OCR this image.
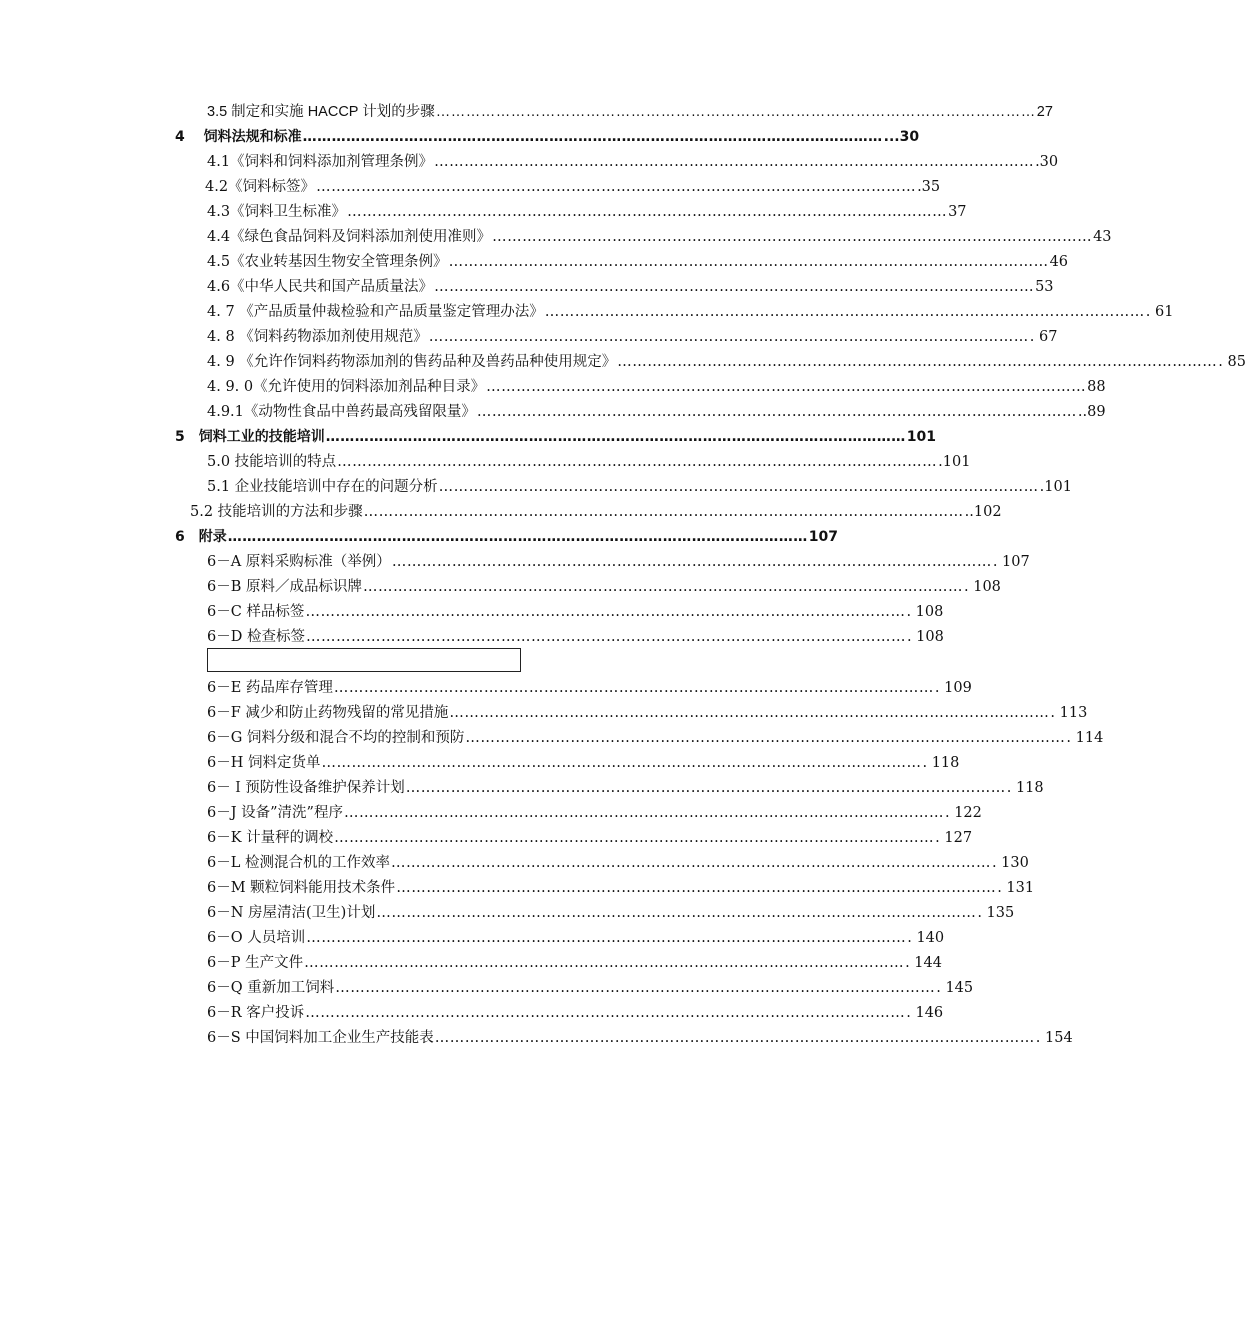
3.5 制定和实施 HACCP 计划的步骤 ………………………………………………………………………………………………………… 27
4　 饲料法规和标准 ………………………………………………………………………………………………………… ...30
4.1《饲料和饲料添加剂管理条例》 ………………………………………………………………………………………………………… .30
4.2《饲料标签》 ………………………………………………………………………………………………………… .35
4.3《饲料卫生标准》 ………………………………………………………………………………………………………… 37
4.4《绿色食品饲料及饲料添加剂使用准则》 ………………………………………………………………………………………………………… 43
4.5《农业转基因生物安全管理条例》 ………………………………………………………………………………………………………… 46
4.6《中华人民共和国产品质量法》 ………………………………………………………………………………………………………… 53
4. 7 《产品质量仲裁检验和产品质量鉴定管理办法》 ………………………………………………………………………………………………………… . 61
4. 8 《饲料药物添加剂使用规范》 ………………………………………………………………………………………………………… . 67
4. 9 《允许作饲料药物添加剂的售药品种及兽药品种使用规定》 ………………………………………………………………………………………………………… . 85
4. 9. 0《允许使用的饲料添加剂品种目录》 ………………………………………………………………………………………………………… 88
4.9.1《动物性食品中兽药最高残留限量》 ………………………………………………………………………………………………………… ..89
5　饲料工业的技能培训 ………………………………………………………………………………………………………… 101
5.0 技能培训的特点 ………………………………………………………………………………………………………… .101
5.1 企业技能培训中存在的问题分析 ………………………………………………………………………………………………………… .101
5.2 技能培训的方法和步骤 ………………………………………………………………………………………………………… ..102
6　附录 ………………………………………………………………………………………………………… 107
6－A 原料采购标准（举例） ………………………………………………………………………………………………………… . 107
6－B 原料／成品标识牌 ………………………………………………………………………………………………………… . 108
6－C 样品标签 ………………………………………………………………………………………………………… . 108
6－D 检查标签 ………………………………………………………………………………………………………… . 108
6－E 药品库存管理 ………………………………………………………………………………………………………… . 109
6－F 减少和防止药物残留的常见措施 ………………………………………………………………………………………………………… . 113
6－G 饲料分级和混合不均的控制和预防 ………………………………………………………………………………………………………… . 114
6－H 饲料定货单 ………………………………………………………………………………………………………… . 118
6－Ｉ预防性设备维护保养计划 ………………………………………………………………………………………………………… . 118
6－J 设备”清洗”程序 ………………………………………………………………………………………………………… . 122
6－K 计量秤的调校 ………………………………………………………………………………………………………… . 127
6－L 检测混合机的工作效率 ………………………………………………………………………………………………………… . 130
6－M 颗粒饲料能用技术条件 ………………………………………………………………………………………………………… . 131
6－N 房屋清洁(卫生)计划 ………………………………………………………………………………………………………… . 135
6－O 人员培训 ………………………………………………………………………………………………………… . 140
6－P 生产文件 ………………………………………………………………………………………………………… . 144
6－Q 重新加工饲料 ………………………………………………………………………………………………………… . 145
6－R 客户投诉 ………………………………………………………………………………………………………… . 146
6－S 中国饲料加工企业生产技能表 ………………………………………………………………………………………………………… . 154
